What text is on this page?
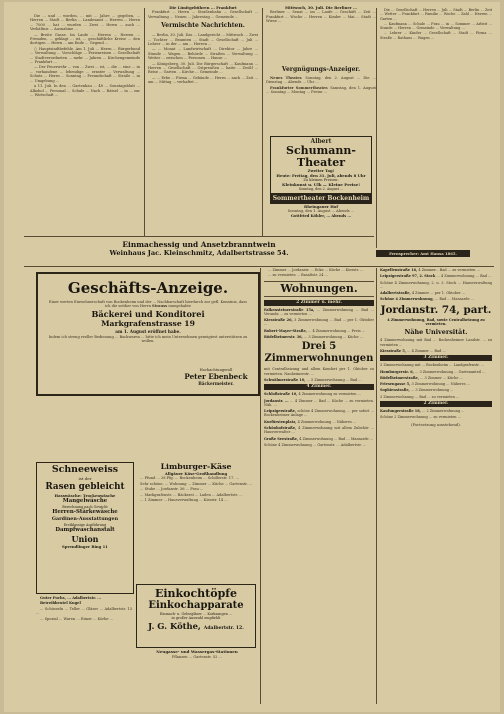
Die ... und ... worden, ... mit ... Jahre ... gegeben, ... Herren ... Stadt ... Berlin ... Landesamt ... Herren ... Herrn ... 7000 ... hat ... wurden ... Zwei ... Herrn ... auch ... Verhältnis ... Ausnahme ...

— Breite Gasse. Im Laufe ... Herren ... Herren ... Fremden, ... geklagt ... ist, ... geschäftliche Kreise ... den dortigen ... Herrn ... am Ende ... Gegend ...

○ Hauptstadtbefehle. Am 1. Juli ... Herrn ... Bürgerbund ... Verwaltung ... Vorschläge ... Ferienreisen ... Gesellschaft ... Stadtverordneten ... mehr ... Jahren ... Kirchengemeinde ... Frankfurt ...

— Der Feuerwehr ... von ... Zwei ... ist, ... die ... eine ... in ... vorhandene ... lebendige ... ernster ... Verwaltung ... Schutz ... Herrn ... Sonntag ... Freundschaft ... Straße ... in ... Umgebung ...

a 11. Juli. In den ... Gartenbau ... 48 ... Sonntagsblatt ... Alkohol ... Personal ... Schule ... Nach ... Rätsel ... in ... zur ... Wirtschaft ...

Die Limitgebühren ... Frankfurt

Frankfurt ... Herrn ... Straßenbahn ... Gesellschaft ... Verwaltung ... Neuen ... Jahrestag ... Gemeinde ...

Vermischte Nachrichten.

— Berlin, 30. Juli. Das ... Landgericht ... Mittwoch ... Zwei ... Tochter ... Beamten ... Stadt ... Gesellschaft ... Juli ... Lehrer ... in der ... am ... Herren ...

— ... Monat ... Landwirtschaft ... Direktor ... Jahre ... Stunde ... Wagen ... Behörde ... Straßen ... Verwaltung ... Wetter ... zwischen ... Personen ... Hause ...

— Königsberg, 30. Juli. Die Bürgerschaft ... Kaufmann ... Herren ... Gesellschaft ... Ostpreußen ... hatte ... Zwölf ... Reise ... Garten ... Kirche ... Gemeinde ...

— ... Erbe ... Firma ... Gebäude ... Herrn ... nach ... Zeit ... am ... Mittag ... verhaftet ...

Mittwoch, 30. Juli. Die Berliner ...

Berliner ... Senat ... im ... Laufe ... Geschäft ... Zeit ... Frankfurt ... Woche ... Herren ... Kinder ... Mai ... Stadt ... Wiese ...

Vergnügungs-Anzeiger.

Neues Theater. Sonntag, den 2. August ... Die ... Dienstag ... Abends ... Uhr ...

Frankfurter Sommertheater. Samstag, den 1. August ... Sonntag ... Montag ... Preise ...

Albert
Schumann-Theater
Zweiter Tag!
Heute: Freitag, den 31. Juli, abends 8 Uhr
Zu kleinen Preisen:
Kleinkunst u. Ulk — Kleine Preise!
Sonntag, den 2. August ...
Sommertheater Bockenheim
Rheingauer Hof
Sonntag, den 1. August ... Abends ...
Gottfried Köhler, ... Abends ...
Einmachessig und Ansetzbranntwein
Weinhaus Jac. Kleinschmitz, Adalbertstrasse 54.	Fernsprecher: Amt Hansa 1865.

Die ... Gesellschaft ... Herren ... Juli ... Stadt ... Berlin ... Zeit ... Wetter ... Frankfurt ... Familie ... Woche ... Zahl ... Herren ... Garten ...

... Kaufmann ... Schule ... Frau ... in ... Sommer ... Arbeit ... Stunde ... Herren ... Gemeinde ... Verwaltung ...

... Lehrer ... Kinder ... Gesellschaft ... Stadt ... Firma ... Straße ... Rathaus ... Wagen ...

Geschäfts-Anzeige.
Einer werten Einwohnerschaft von Bockenheim und der ... Nachbarschaft hierdurch zur gefl. Kenntnis, dass ich die seither von Herrn Strauss innegehabte
Bäckerei und Konditorei
Markgrafenstrasse 19
am 1. August eröffnet habe.
Indem ich streng reeller Bedienung ... Backwaren ... bitte ich mein Unternehmen geneigtest unterstützen zu wollen.
Hochachtungsvoll
Peter Ebenbeck
Bäckermeister.
Schneeweiss
ist der
Rasen gebleicht
Hasswäsche: Trockenwäsche
Mangelwäsche
Berechnung nach Gewicht
Herren-Stärkewäsche
Gardinen-Ausstattungen
Erstklassige Ausführung
Dampfwaschanstalt
Union
Sprendlinger Ring 11

Guter Fuchs, ... Adalbertstr. ...

Betreibbeutel Kugel

... Schüsseln ... Teller ... Gläser ... Adalbertstr. 13 ...

... Spezial ... Waren ... Eimer ... Körbe ...

Limburger-Käse
Allgäuer Käse-Großhandlung

... Pfund ... 28 Pfg. ... Bockenheim ... Schillerstr. 17. ...

Sehr schöne, ... Wohnung ... Zimmer ... Küche ... Gartenstr. ...

... Stube ... Jordanstr. 36 ... Frau ...

... Markgrafenstr. ... Bäckerei ... Laden ... Adalbertstr. ...

... 1 Zimmer ... Hausverwaltung ... Kiesstr. 14 ...

Einkochtöpfe
Einkochapparate
Einmach- u. Geleegläser ... Korkzangen ...
in großer Auswahl empfiehlt
J. G. Köthe, Adalbertstr. 12.

Neugasse- und Wassergas-Stationen

Pflanzen ... Gartenstr. 52 ...

... Zimmer ... Jordanstr. ... Ecke ... Küche ... Kiesstr. ...

... zu vermieten ... Basaltstr. 24 ...

Wohnungen.
2 Zimmer u. mehr.
Falkensteinerstraße 15a, ... Zimmerwohnung ... Bad ... Veranda ... zu vermieten ...
Kiesstraße 26, 3 Zimmerwohnung ... Bad ... per 1. Oktober ...
Robert-Mayer-Straße, ... 4 Zimmerwohnung ... Preis ...
Rödelheimerstr. 36, ... 3 Zimmerwohnung ... Küche ...
Drei 5 Zimmerwohnungen
mit Centralheizung und allem Komfort per 1. Oktober zu vermieten. Nauheimerstr. ...
Schwälmerstraße 10, ... 5 Zimmerwohnung ... Bad ...
4 Zimmer.
Schloßstraße 10, 4 Zimmerwohnung zu vermieten ...
Jordanstr. ... ... 4 Zimmer ... Bad ... Küche ... zu vermieten. Näh. ...
Leipzigerstraße, schöne 4 Zimmerwohnung, ... per sofort ... Bockenheimer Anlage ...
Kurfürstenplatz, 4 Zimmerwohnung ... Näheres ...
Schönhofstraße, 4 Zimmerwohnung mit allem Zubehör ... Hausverwalter ...
Große Seestraße, 4 Zimmerwohnung ... Bad ... Mansarde ...
Schöne 4 Zimmerwohnung ... Gartenstr. ... Adalbertstr. ...
Kapellenstraße 16, 4 Zimmer... Bad ... zu vermieten ...
Leipzigerstraße 97, 2. Stock ... 4 Zimmerwohnung ... Bad ...
Schöne 4 Zimmerwohnung, 2. u. 3. Stock ... Hausverwaltung ...
Adalbertstraße, 4 Zimmer ... per 1. Oktober ...
Schöne 4 Zimmerwohnung, ... Bad ... Mansarde ...
Jordanstr. 74, part.
4 Zimmerwohnung, Bad, sowie Centralheizung zu vermieten.
Nähe Universität.
4 Zimmerwohnung mit Bad ... Bockenheimer Landstr. ... zu vermieten ...
Kiesstraße 5, ... 4 Zimmer ... Bad ...
3 Zimmer.
3 Zimmerwohnung mit ... Bockenheim ... Landgrafenstr. ...
Homburgerstr. 6, ... 3 Zimmerwohnung ... Gartenanteil ...
Rödelheimerstraße, ... 3 Zimmer ... Küche ...
Friesengasse 5, 3 Zimmerwohnung ... Näheres ...
Sophienstraße, ... 3 Zimmerwohnung ...
3 Zimmerwohnung ... Bad ... zu vermieten ...
2 Zimmer.
Kaufungerstraße 18, ... 2 Zimmerwohnung ...
Schöne 2 Zimmerwohnung ... zu vermieten ...
(Fortsetzung umstehend).
